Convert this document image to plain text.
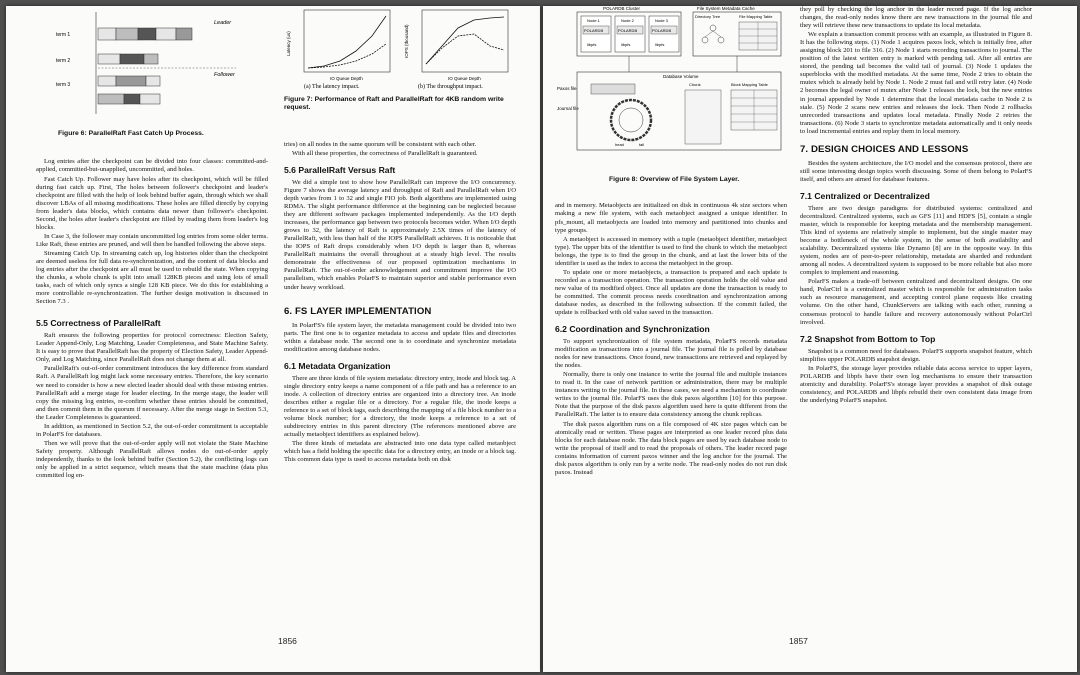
Leader
Follower
term 1
term 2
term 3
Figure 6: ParallelRaft Fast Catch Up Process.

Log entries after the checkpoint can be divided into four classes: committed-and-applied, committed-but-unapplied, uncommitted, and holes.

Fast Catch Up. Follower may have holes after its checkpoint, which will be filled during fast catch up. First, The holes between follower's checkpoint and leader's checkpoint are filled with the help of look behind buffer again, through which we shall discover LBAs of all missing modifications. These holes are filled directly by copying from leader's data blocks, which contains data newer than follower's checkpoint. Second, the holes after leader's checkpoint are filled by reading them from leader's log blocks.

In Case 3, the follower may contain uncommitted log entries from some older terms. Like Raft, these entries are pruned, and will then be handled following the above steps.

Streaming Catch Up. In streaming catch up, log histories older than the checkpoint are deemed useless for full data re-synchronization, and the content of data blocks and log entries after the checkpoint are all must be used to rebuild the state. When copying the chunks, a whole chunk is split into small 128KB pieces and using lots of small tasks, each of which only syncs a single 128 KB piece. We do this for establishing a more controllable re-synchronization. The further design motivation is discussed in Section 7.3 .

5.5 Correctness of ParallelRaft

Raft ensures the following properties for protocol correctness: Election Safety, Leader Append-Only, Log Matching, Leader Completeness, and State Machine Safety. It is easy to prove that ParallelRaft has the property of Election Safety, Leader Append-Only, and Log Matching, since ParallelRaft does not change them at all.

ParallelRaft's out-of-order commitment introduces the key difference from standard Raft. A ParallelRaft log might lack some necessary entries. Therefore, the key scenario we need to consider is how a new elected leader should deal with these missing entries. ParallelRaft add a merge stage for leader electing. In the merge stage, the leader will copy the missing log entries, re-confirm whether these entries should be committed, and then commit them in the quorum if necessary. After the merge stage in Section 5.3, the Leader Completeness is guaranteed.

In addition, as mentioned in Section 5.2, the out-of-order commitment is acceptable in PolarFS for databases.

Then we will prove that the out-of-order apply will not violate the State Machine Safety property. Although ParallelRaft allows nodes do out-of-order apply independently, thanks to the look behind buffer (Section 5.2), the conflicting logs can only be applied in a strict sequence, which means that the state machine (data plus committed log en-

Latency (us)
IO Queue Depth
IOPS (thousand)
IO Queue Depth
(a) The latency impact.	(b) The throughput impact.
Figure 7: Performance of Raft and ParallelRaft for 4KB random write request.

tries) on all nodes in the same quorum will be consistent with each other.

With all these properties, the correctness of ParallelRaft is guaranteed.

5.6 ParallelRaft Versus Raft

We did a simple test to show how ParallelRaft can improve the I/O concurrency. Figure 7 shows the average latency and throughput of Raft and ParallelRaft when I/O depth varies from 1 to 32 and single FIO job. Both algorithms are implemented using RDMA. The slight performance difference at the beginning can be neglected because they are different software packages implemented independently. As the I/O depth increases, the performance gap between two protocols becomes wider. When I/O depth grows to 32, the latency of Raft is approximately 2.5X times of the latency of ParallelRaft, with less than half of the IOPS ParallelRaft achieves. It is noticeable that the IOPS of Raft drops considerably when I/O depth is larger than 8, whereas ParallelRaft maintains the overall throughout at a steady high level. The results demonstrate the effectiveness of our proposed optimization mechanisms in ParallelRaft. The out-of-order acknowledgement and commitment improve the I/O parallelism, which enables PolarFS to maintain superior and stable performance even under heavy workload.

6. FS LAYER IMPLEMENTATION

In PolarFS's file system layer, the metadata management could be divided into two parts. The first one is to organize metadata to access and update files and directories within a database node. The second one is to coordinate and synchronize metadata modification among database nodes.

6.1 Metadata Organization

There are three kinds of file system metadata: directory entry, inode and block tag. A single directory entry keeps a name component of a file path and has a reference to an inode. A collection of directory entries are organized into a directory tree. An inode describes either a regular file or a directory. For a regular file, the inode keeps a reference to a set of block tags, each describing the mapping of a file block number to a volume block number; for a directory, the inode keeps a reference to a set of subdirectory entries in this parent directory (The references mentioned above are actually metaobject identifiers as explained below).

The three kinds of metadata are abstracted into one data type called metaobject which has a field holding the specific data for a directory entry, an inode or a block tag. This common data type is used to access metadata both on disk

1856
POLARDB Cluster
Node 1	Node 2	Node 3
POLARDB	POLARDB	POLARDB
libpfs	libpfs	libpfs
File System Metadata Cache
Directory Tree	File Mapping Table
Database Volume
Paxos file
Journal file
head	tail
Chunk	Block Mapping Table
Figure 8: Overview of File System Layer.

and in memory. Metaobjects are initialized on disk in continuous 4k size sectors when making a new file system, with each metaobject assigned a unique identifier. In pfs_mount, all metaobjects are loaded into memory and partitioned into chunks and type groups.

A metaobject is accessed in memory with a tuple (metaobject identifier, metaobject type). The upper bits of the identifier is used to find the chunk to which the metaobject belongs, the type is to find the group in the chunk, and at last the lower bits of the identifier is used as the index to access the metaobject in the group.

To update one or more metaobjects, a transaction is prepared and each update is recorded as a transaction operation. The transaction operation holds the old value and new value of its modified object. Once all updates are done the transaction is ready to be committed. The commit process needs coordination and synchronization among database nodes, as described in the following subsection. If the commit failed, the update is rollbacked with old value saved in the transaction.

6.2 Coordination and Synchronization

To support synchronization of file system metadata, PolarFS records metadata modification as transactions into a journal file. The journal file is polled by database nodes for new transactions. Once found, new transactions are retrieved and replayed by the nodes.

Normally, there is only one instance to write the journal file and multiple instances to read it. In the case of network partition or administration, there may be multiple instances writing to the journal file. In these cases, we need a mechanism to coordinate writes to the journal file. PolarFS uses the disk paxos algorithm [10] for this purpose. Note that the purpose of the disk paxos algorithm used here is quite different from the ParallelRaft. The latter is to ensure data consistency among the chunk replicas.

The disk paxos algorithm runs on a file composed of 4K size pages which can be atomically read or written. These pages are interpreted as one leader record plus data blocks for each database node. The data block pages are used by each database node to write the proposal of itself and to read the proposals of others. The leader record page contains information of current paxos winner and the log anchor for the journal. The disk paxos algorithm is only run by a write node. The read-only nodes do not run disk paxos. Instead

they poll by checking the log anchor in the leader record page. If the log anchor changes, the read-only nodes know there are new transactions in the journal file and they will retrieve these new transactions to update its local metadata.

We explain a transaction commit process with an example, as illustrated in Figure 8. It has the following steps. (1) Node 1 acquires paxos lock, which is initially free, after assigning block 201 to file 316. (2) Node 1 starts recording transactions to journal. The position of the latest written entry is marked with pending tail. After all entries are stored, the pending tail becomes the valid tail of journal. (3) Node 1 updates the superblocks with the modified metadata. At the same time, Node 2 tries to obtain the mutex which is already held by Node 1. Node 2 must fail and will retry later. (4) Node 2 becomes the legal owner of mutex after Node 1 releases the lock, but the new entries in journal appended by Node 1 determine that the local metadata cache in Node 2 is stale. (5) Node 2 scans new entries and releases the lock. Then Node 2 rollbacks unrecorded transactions and updates local metadata. Finally Node 2 retries the transactions. (6) Node 3 starts to synchronize metadata automatically and it only needs to load incremental entries and replay them in local memory.

7. DESIGN CHOICES AND LESSONS

Besides the system architecture, the I/O model and the consensus protocol, there are still some interesting design topics worth discussing. Some of them belong to PolarFS itself, and others are aimed for database features.

7.1 Centralized or Decentralized

There are two design paradigms for distributed systems: centralized and decentralized. Centralized systems, such as GFS [11] and HDFS [5], contain a single master, which is responsible for keeping metadata and the membership management. This kind of systems are relatively simple to implement, but the single master may become a bottleneck of the whole system, in the sense of both availability and scalability. Decentralized systems like Dynamo [8] are in the opposite way. In this system, nodes are of peer-to-peer relationship, metadata are sharded and redundant among all nodes. A decentralized system is supposed to be more reliable but also more complex to implement and reasoning.

PolarFS makes a trade-off between centralized and decentralized designs. On one hand, PolarCtrl is a centralized master which is responsible for administration tasks such as resource management, and accepting control plane requests like creating volume. On the other hand, ChunkServers are talking with each other, running a consensus protocol to handle failure and recovery autonomously without PolarCtrl involved.

7.2 Snapshot from Bottom to Top

Snapshot is a common need for databases. PolarFS supports snapshot feature, which simplifies upper POLARDB snapshot design.

In PolarFS, the storage layer provides reliable data access service to upper layers, POLARDB and libpfs have their own log mechanisms to ensure their transaction atomicity and durability. PolarFS's storage layer provides a snapshot of disk outage consistency, and POLARDB and libpfs rebuild their own consistent data image from the underlying PolarFS snapshot.

1857
